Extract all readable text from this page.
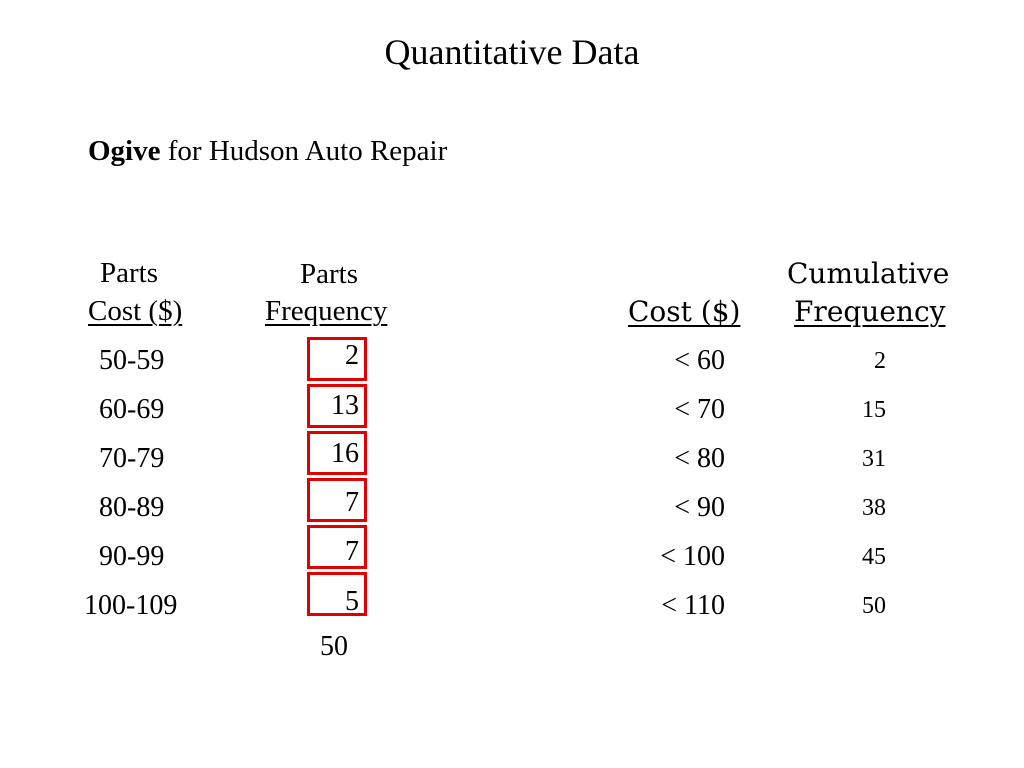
Quantitative Data
Ogive for Hudson Auto Repair
Parts
Cost ($)
Parts
Frequency
50-59
60-69
70-79
80-89
90-99
100-109
2
13
16
7
7
5
50
Cost ($)
Cumulative
Frequency
< 60
< 70
< 80
< 90
< 100
< 110
2
15
31
38
45
50
